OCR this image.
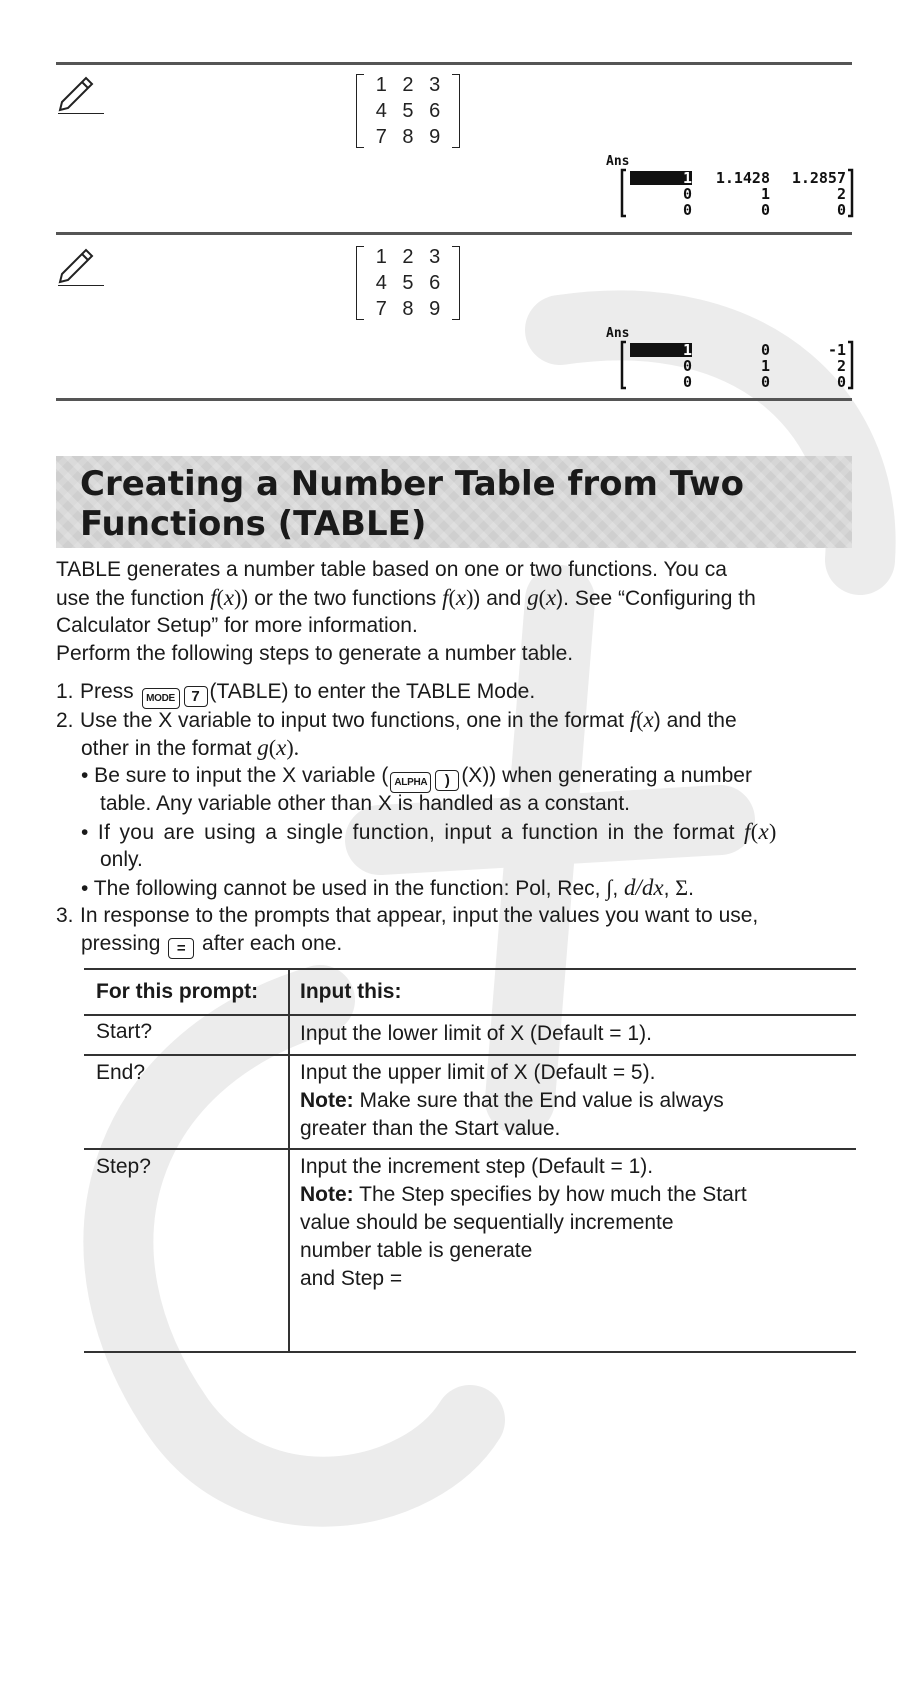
1 2 3
4 5 6
7 8 9
Ans
1 1.1428 1.2857
0	1	2
0	0	0
1 2 3
4 5 6
7 8 9
Ans
1	0	-1
0	1	2
0	0	0
Creating a Number Table from Two
Functions (TABLE)
TABLE generates a number table based on one or two functions. You ca
use the function f(x)) or the two functions f(x)) and g(x). See “Configuring th
Calculator Setup” for more information.
Perform the following steps to generate a number table.
1. Press MODE 7 (TABLE) to enter the TABLE Mode.
2. Use the X variable to input two functions, one in the format f(x) and the
other in the format g(x).
• Be sure to input the X variable ( ALPHA ) (X)) when generating a number
table. Any variable other than X is handled as a constant.
• If you are using a single function, input a function in the format f(x)
only.
• The following cannot be used in the function: Pol, Rec, ∫, d/dx, Σ.
3. In response to the prompts that appear, input the values you want to use,
pressing = after each one.
For this prompt: Input this:
Start?	Input the lower limit of X (Default = 1).
End?	Input the upper limit of X (Default = 5).
Note: Make sure that the End value is always
greater than the Start value.
Step?	Input the increment step (Default = 1).
Note: The Step specifies by how much the Start
value should be sequentially incremente
number table is generate
and Step =
